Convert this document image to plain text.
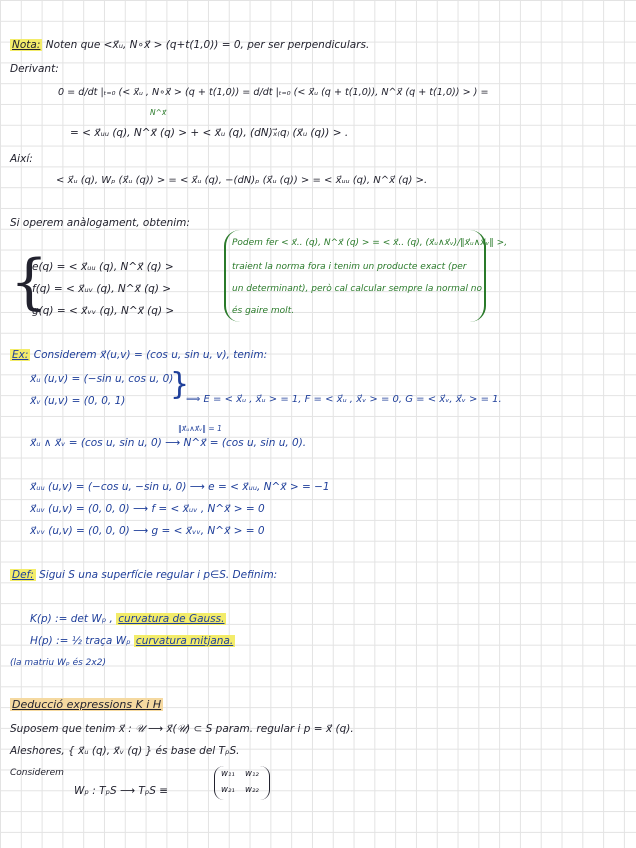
Nota: Noten que <x⃗ᵤ, N∘x⃗ > (q+t(1,0)) = 0, per ser perpendiculars.
Derivant:
0 = d/dt |ₜ₌₀ (< x⃗ᵤ , N∘x⃗ > (q + t(1,0)) = d/dt |ₜ₌₀ (< x⃗ᵤ (q + t(1,0)), N^x⃗ (q + t(1,0)) > ) =
N^x⃗
= < x⃗ᵤᵤ (q), N^x⃗ (q) > + < x⃗ᵤ (q), (dN)ₓ⃗₍q₎ (x⃗ᵤ (q)) > .
Així:
< x⃗ᵤ (q), Wₚ (x⃗ᵤ (q)) > = < x⃗ᵤ (q), −(dN)ₚ (x⃗ᵤ (q)) > = < x⃗ᵤᵤ (q), N^x⃗ (q) >.
Si operem anàlogament, obtenim:
{
e(q) = < x⃗ᵤᵤ (q), N^x⃗ (q) >
f(q) = < x⃗ᵤᵥ (q), N^x⃗ (q) >
g(q) = < x⃗ᵥᵥ (q), N^x⃗ (q) >
Podem fer < x⃗.. (q), N^x⃗ (q) > = < x⃗.. (q), (x⃗ᵤ∧x⃗ᵥ)/‖x⃗ᵤ∧x⃗ᵥ‖ >,
traient la norma fora i tenim un producte exact (per
un determinant), però cal calcular sempre la normal no
és gaire molt.
Ex: Considerem x⃗(u,v) = (cos u, sin u, v), tenim:
x⃗ᵤ (u,v) = (−sin u, cos u, 0)
x⃗ᵥ (u,v) = (0, 0, 1) }
⟹ E = < x⃗ᵤ , x⃗ᵤ > = 1, F = < x⃗ᵤ , x⃗ᵥ > = 0, G = < x⃗ᵥ, x⃗ᵥ > = 1.
‖x⃗ᵤ∧x⃗ᵥ‖ = 1
x⃗ᵤ ∧ x⃗ᵥ = (cos u, sin u, 0) ⟶ N^x⃗ = (cos u, sin u, 0).
x⃗ᵤᵤ (u,v) = (−cos u, −sin u, 0) ⟶ e = < x⃗ᵤᵤ, N^x⃗ > = −1
x⃗ᵤᵥ (u,v) = (0, 0, 0) ⟶ f = < x⃗ᵤᵥ , N^x⃗ > = 0
x⃗ᵥᵥ (u,v) = (0, 0, 0) ⟶ g = < x⃗ᵥᵥ, N^x⃗ > = 0
Def: Sigui S una superfície regular i p∈S. Definim:
K(p) := det Wₚ , curvatura de Gauss.
H(p) := ½ traça Wₚ curvatura mitjana.
(la matriu Wₚ és 2x2)
Deducció expressions K i H
Suposem que tenim x⃗ : 𝒰 ⟶ x⃗(𝒰) ⊂ S param. regular i p = x⃗ (q).
Aleshores, { x⃗ᵤ (q), x⃗ᵥ (q) } és base del TₚS.
Considerem
Wₚ : TₚS ⟶ TₚS ≡
w₁₁ w₁₂
w₂₁ w₂₂
